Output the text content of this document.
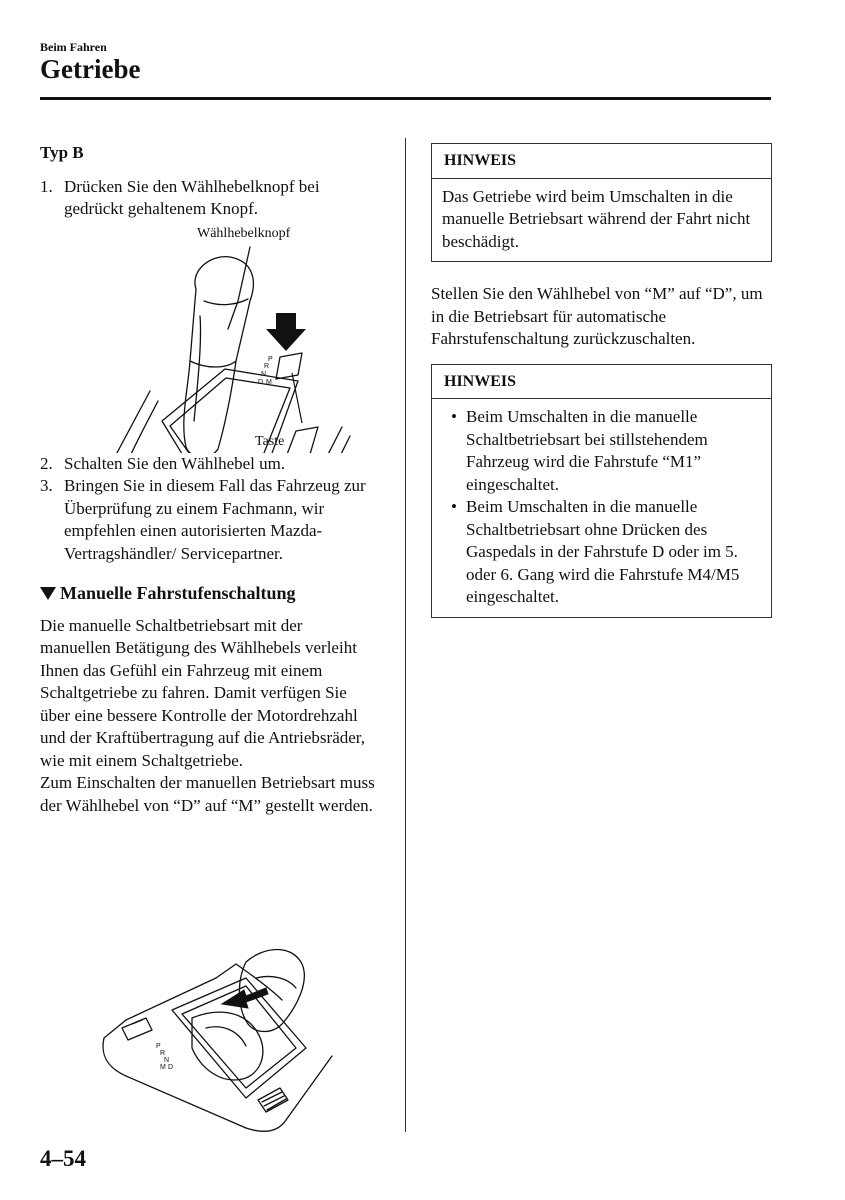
Beim Fahren
Getriebe
Typ B
1. Drücken Sie den Wählhebelknopf bei gedrückt gehaltenem Knopf.
Wählhebelknopf
P
R
N
D M
Taste
2. Schalten Sie den Wählhebel um.
3. Bringen Sie in diesem Fall das Fahrzeug zur Überprüfung zu einem Fachmann, wir empfehlen einen autorisierten Mazda-Vertragshändler/ Servicepartner.
Manuelle Fahrstufenschaltung

Die manuelle Schaltbetriebsart mit der manuellen Betätigung des Wählhebels verleiht Ihnen das Gefühl ein Fahrzeug mit einem Schaltgetriebe zu fahren. Damit verfügen Sie über eine bessere Kontrolle der Motordrehzahl und der Kraftübertragung auf die Antriebsräder, wie mit einem Schaltgetriebe.

Zum Einschalten der manuellen Betriebsart muss der Wählhebel von “D” auf “M” gestellt werden.

P
R
N
D
M
HINWEIS
Das Getriebe wird beim Umschalten in die manuelle Betriebsart während der Fahrt nicht beschädigt.

Stellen Sie den Wählhebel von “M” auf “D”, um in die Betriebsart für automatische Fahrstufenschaltung zurückzuschalten.

HINWEIS
• Beim Umschalten in die manuelle Schaltbetriebsart bei stillstehendem Fahrzeug wird die Fahrstufe “M1” eingeschaltet.
• Beim Umschalten in die manuelle Schaltbetriebsart ohne Drücken des Gaspedals in der Fahrstufe D oder im 5. oder 6. Gang wird die Fahrstufe M4/M5 eingeschaltet.
4–54
